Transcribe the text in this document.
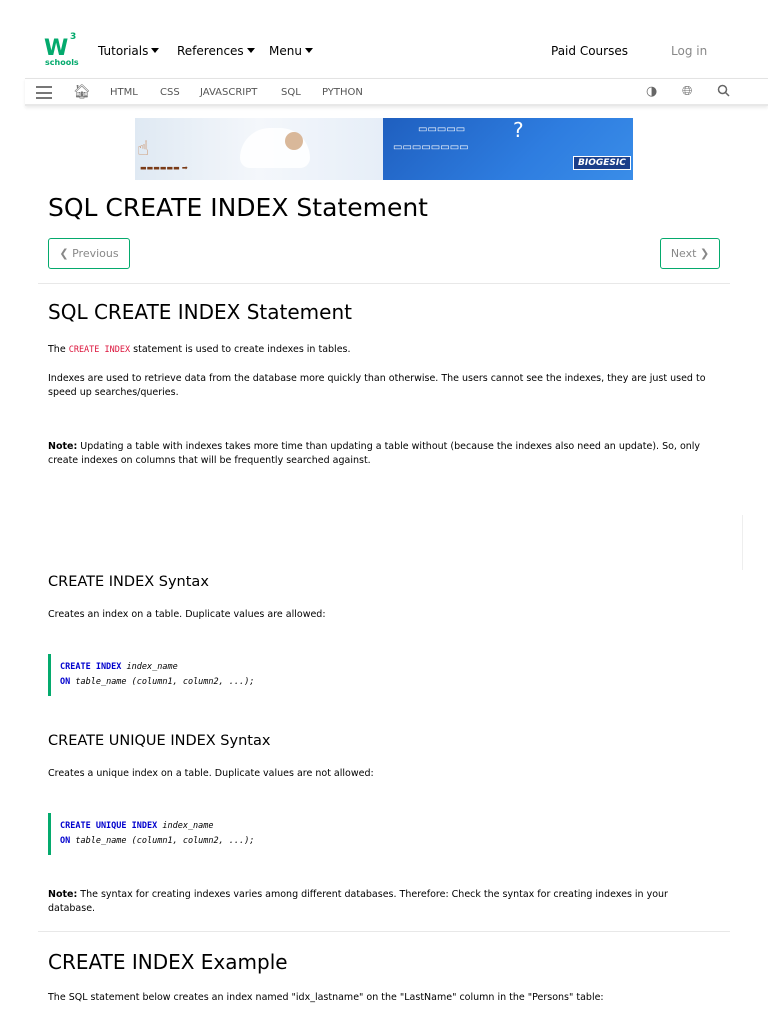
W 3
schools
Tutorials	References	Menu	Paid Courses	Log in
🏠︎ HTML CSS JAVASCRIPT SQL PYTHON	◑ 🌐︎
☝
▬▬▬▬▬▬ ➡
▭▭▭▭▭
▭▭▭▭▭▭▭▭
?
BIOGESIC
SQL CREATE INDEX Statement
❮ Previous	Next ❯
SQL CREATE INDEX Statement
The CREATE INDEX statement is used to create indexes in tables.
Indexes are used to retrieve data from the database more quickly than otherwise. The users cannot see the indexes, they are just used to speed up searches/queries.
Note: Updating a table with indexes takes more time than updating a table without (because the indexes also need an update). So, only create indexes on columns that will be frequently searched against.
CREATE INDEX Syntax
Creates an index on a table. Duplicate values are allowed:
CREATE INDEX index_name
ON table_name (column1, column2, ...);
CREATE UNIQUE INDEX Syntax
Creates a unique index on a table. Duplicate values are not allowed:
CREATE UNIQUE INDEX index_name
ON table_name (column1, column2, ...);
Note: The syntax for creating indexes varies among different databases. Therefore: Check the syntax for creating indexes in your database.
CREATE INDEX Example
The SQL statement below creates an index named "idx_lastname" on the "LastName" column in the "Persons" table:
